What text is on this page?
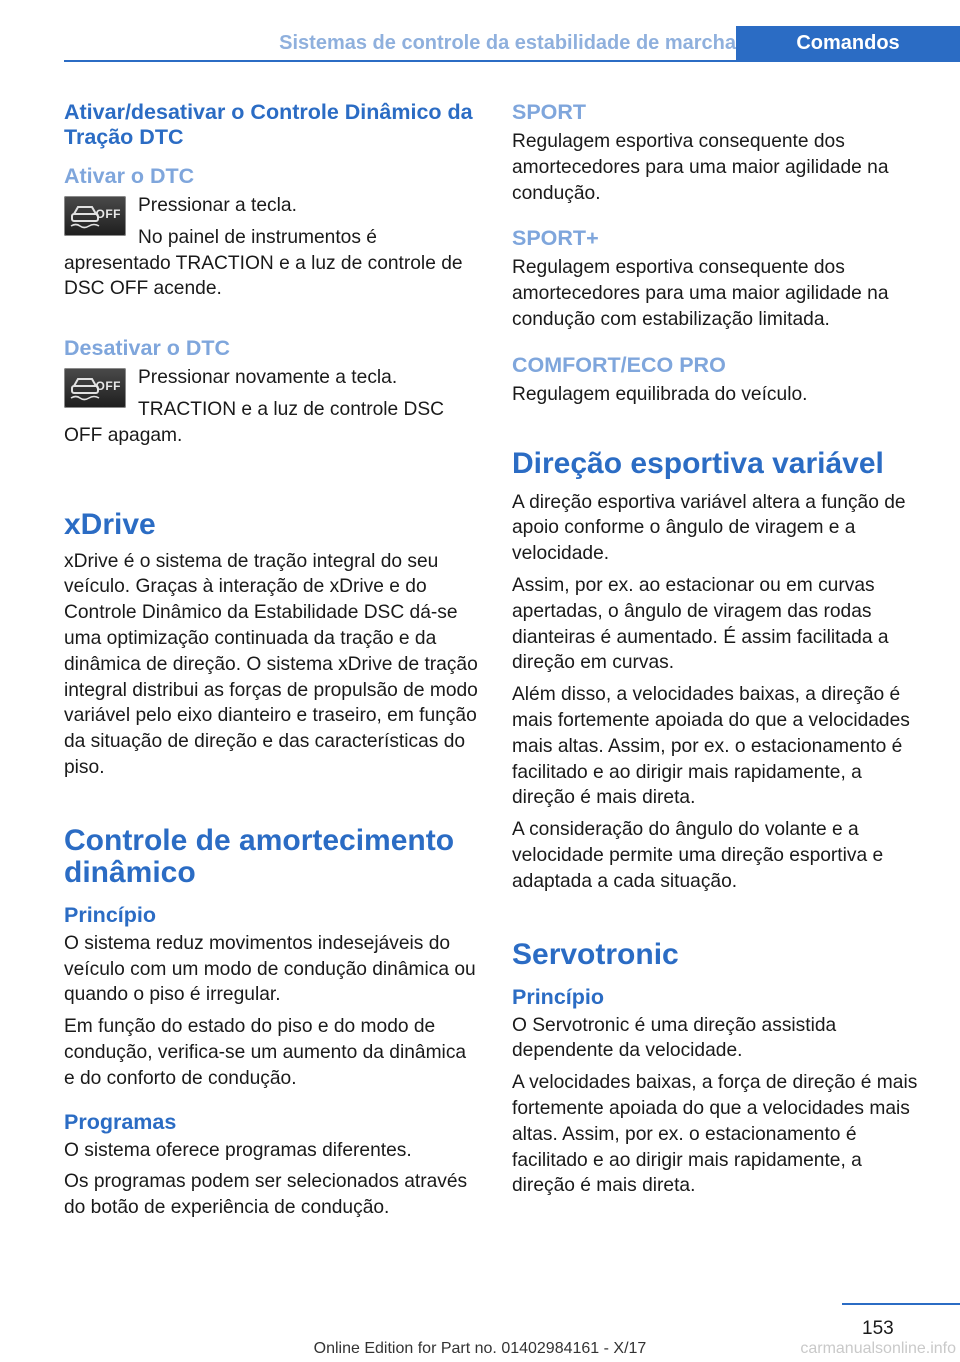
Sistemas de controle da estabilidade de marcha	Comandos
Ativar/desativar o Controle Dinâmico da Tração DTC
Ativar o DTC
OFF Pressionar a tecla.

No painel de instrumentos é apresentado TRACTION e a luz de controle de DSC OFF acende.

Desativar o DTC
OFF Pressionar novamente a tecla.

TRACTION e a luz de controle DSC OFF apagam.

xDrive

xDrive é o sistema de tração integral do seu veículo. Graças à interação de xDrive e do Controle Dinâmico da Estabilidade DSC dá-se uma optimização continuada da tração e da dinâmica de direção. O sistema xDrive de tração integral distribui as forças de propulsão de modo variável pelo eixo dianteiro e traseiro, em função da situação de direção e das características do piso.

Controle de amortecimento dinâmico
Princípio

O sistema reduz movimentos indesejáveis do veículo com um modo de condução dinâmica ou quando o piso é irregular.

Em função do estado do piso e do modo de condução, verifica-se um aumento da dinâmica e do conforto de condução.

Programas

O sistema oferece programas diferentes.

Os programas podem ser selecionados através do botão de experiência de condução.

SPORT

Regulagem esportiva consequente dos amortecedores para uma maior agilidade na condução.

SPORT+

Regulagem esportiva consequente dos amortecedores para uma maior agilidade na condução com estabilização limitada.

COMFORT/ECO PRO

Regulagem equilibrada do veículo.

Direção esportiva variável

A direção esportiva variável altera a função de apoio conforme o ângulo de viragem e a velocidade.

Assim, por ex. ao estacionar ou em curvas apertadas, o ângulo de viragem das rodas dianteiras é aumentado. É assim facilitada a direção em curvas.

Além disso, a velocidades baixas, a direção é mais fortemente apoiada do que a velocidades mais altas. Assim, por ex. o estacionamento é facilitado e ao dirigir mais rapidamente, a direção é mais direta.

A consideração do ângulo do volante e a velocidade permite uma direção esportiva e adaptada a cada situação.

Servotronic
Princípio

O Servotronic é uma direção assistida dependente da velocidade.

A velocidades baixas, a força de direção é mais fortemente apoiada do que a velocidades mais altas. Assim, por ex. o estacionamento é facilitado e ao dirigir mais rapidamente, a direção é mais direta.

153
Online Edition for Part no. 01402984161 - X/17	carmanualsonline.info
